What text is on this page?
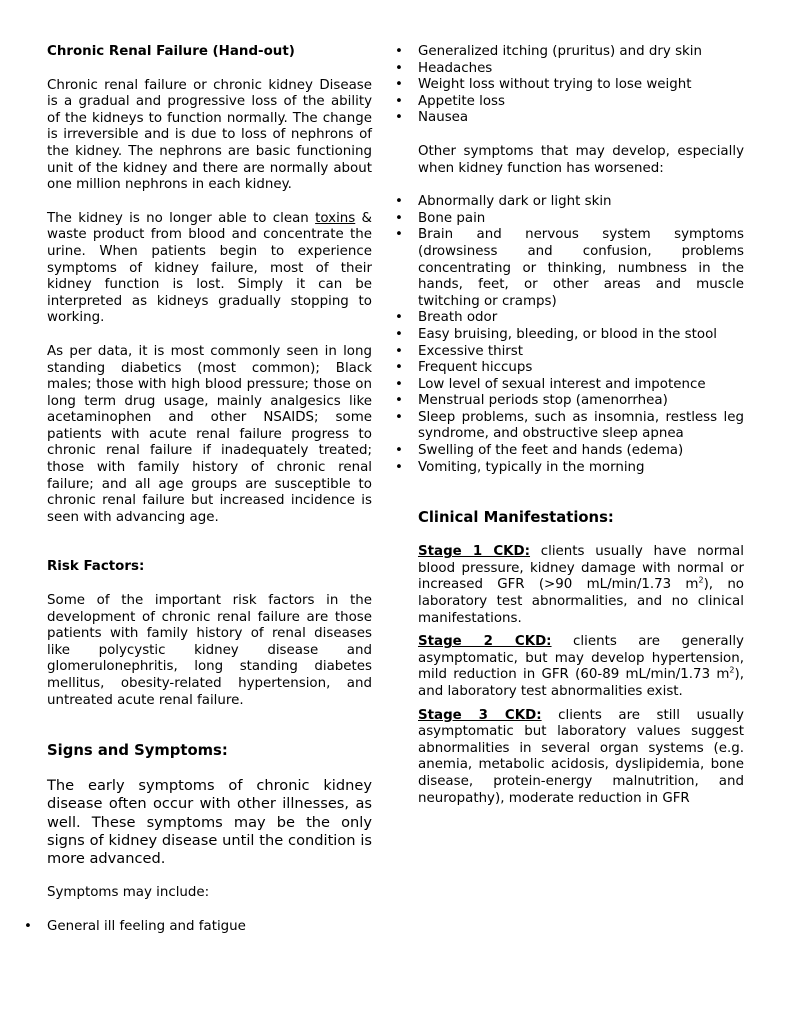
Chronic Renal Failure (Hand-out)

Chronic renal failure or chronic kidney Disease is a gradual and progressive loss of the ability of the kidneys to function normally. The change is irreversible and is due to loss of nephrons of the kidney. The nephrons are basic functioning unit of the kidney and there are normally about one million nephrons in each kidney.

The kidney is no longer able to clean toxins & waste product from blood and concentrate the urine. When patients begin to experience symptoms of kidney failure, most of their kidney function is lost. Simply it can be interpreted as kidneys gradually stopping to working.

As per data, it is most commonly seen in long standing diabetics (most common); Black males; those with high blood pressure; those on long term drug usage, mainly analgesics like acetaminophen and other NSAIDS; some patients with acute renal failure progress to chronic renal failure if inadequately treated; those with family history of chronic renal failure; and all age groups are susceptible to chronic renal failure but increased incidence is seen with advancing age.

Risk Factors:

Some of the important risk factors in the development of chronic renal failure are those patients with family history of renal diseases like polycystic kidney disease and glomerulonephritis, long standing diabetes mellitus, obesity-related hypertension, and untreated acute renal failure.

Signs and Symptoms:

The early symptoms of chronic kidney disease often occur with other illnesses, as well. These symptoms may be the only signs of kidney disease until the condition is more advanced.

Symptoms may include:

• General ill feeling and fatigue
• Generalized itching (pruritus) and dry skin
• Headaches
• Weight loss without trying to lose weight
• Appetite loss
• Nausea

Other symptoms that may develop, especially when kidney function has worsened:

• Abnormally dark or light skin
• Bone pain
• Brain and nervous system symptoms (drowsiness and confusion, problems concentrating or thinking, numbness in the hands, feet, or other areas and muscle twitching or cramps)
• Breath odor
• Easy bruising, bleeding, or blood in the stool
• Excessive thirst
• Frequent hiccups
• Low level of sexual interest and impotence
• Menstrual periods stop (amenorrhea)
• Sleep problems, such as insomnia, restless leg syndrome, and obstructive sleep apnea
• Swelling of the feet and hands (edema)
• Vomiting, typically in the morning

Clinical Manifestations:

Stage 1 CKD: clients usually have normal blood pressure, kidney damage with normal or increased GFR (>90 mL/min/1.73 $m^2$), no laboratory test abnormalities, and no clinical manifestations.

Stage 2 CKD: clients are generally asymptomatic, but may develop hypertension, mild reduction in GFR (60-89 mL/min/1.73 $m^2$), and laboratory test abnormalities exist.

Stage 3 CKD: clients are still usually asymptomatic but laboratory values suggest abnormalities in several organ systems (e.g. anemia, metabolic acidosis, dyslipidemia, bone disease, protein-energy malnutrition, and neuropathy), moderate reduction in GFR
